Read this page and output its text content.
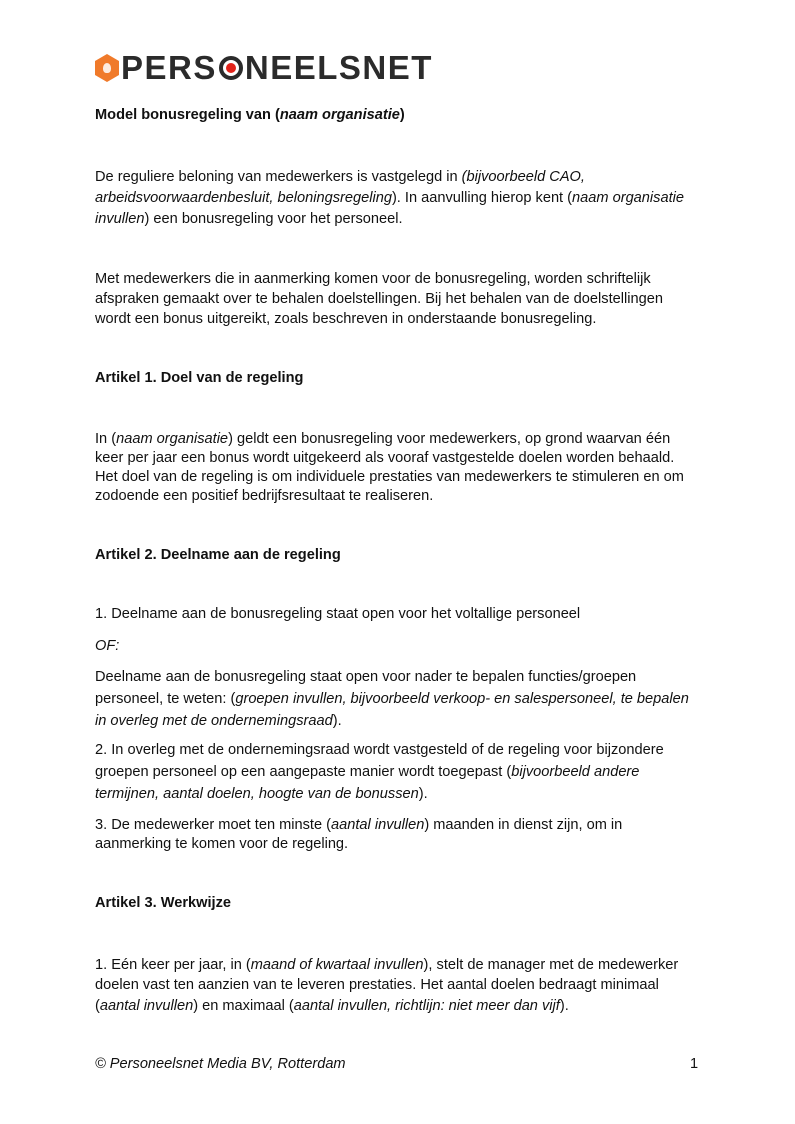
PERS NEELSNET
Model bonusregeling van (naam organisatie)
De reguliere beloning van medewerkers is vastgelegd in (bijvoorbeeld CAO,
arbeidsvoorwaardenbesluit, beloningsregeling). In aanvulling hierop kent (naam organisatie
invullen) een bonusregeling voor het personeel.
Met medewerkers die in aanmerking komen voor de bonusregeling, worden schriftelijk
afspraken gemaakt over te behalen doelstellingen. Bij het behalen van de doelstellingen
wordt een bonus uitgereikt, zoals beschreven in onderstaande bonusregeling.
Artikel 1. Doel van de regeling
In (naam organisatie) geldt een bonusregeling voor medewerkers, op grond waarvan één
keer per jaar een bonus wordt uitgekeerd als vooraf vastgestelde doelen worden behaald.
Het doel van de regeling is om individuele prestaties van medewerkers te stimuleren en om
zodoende een positief bedrijfsresultaat te realiseren.
Artikel 2. Deelname aan de regeling
1. Deelname aan de bonusregeling staat open voor het voltallige personeel
OF:
Deelname aan de bonusregeling staat open voor nader te bepalen functies/groepen
personeel, te weten: (groepen invullen, bijvoorbeeld verkoop- en salespersoneel, te bepalen
in overleg met de ondernemingsraad).
2. In overleg met de ondernemingsraad wordt vastgesteld of de regeling voor bijzondere
groepen personeel op een aangepaste manier wordt toegepast (bijvoorbeeld andere
termijnen, aantal doelen, hoogte van de bonussen).
3. De medewerker moet ten minste (aantal invullen) maanden in dienst zijn, om in
aanmerking te komen voor de regeling.
Artikel 3. Werkwijze
1. Eén keer per jaar, in (maand of kwartaal invullen), stelt de manager met de medewerker
doelen vast ten aanzien van te leveren prestaties. Het aantal doelen bedraagt minimaal
(aantal invullen) en maximaal (aantal invullen, richtlijn: niet meer dan vijf).
© Personeelsnet Media BV, Rotterdam	1
